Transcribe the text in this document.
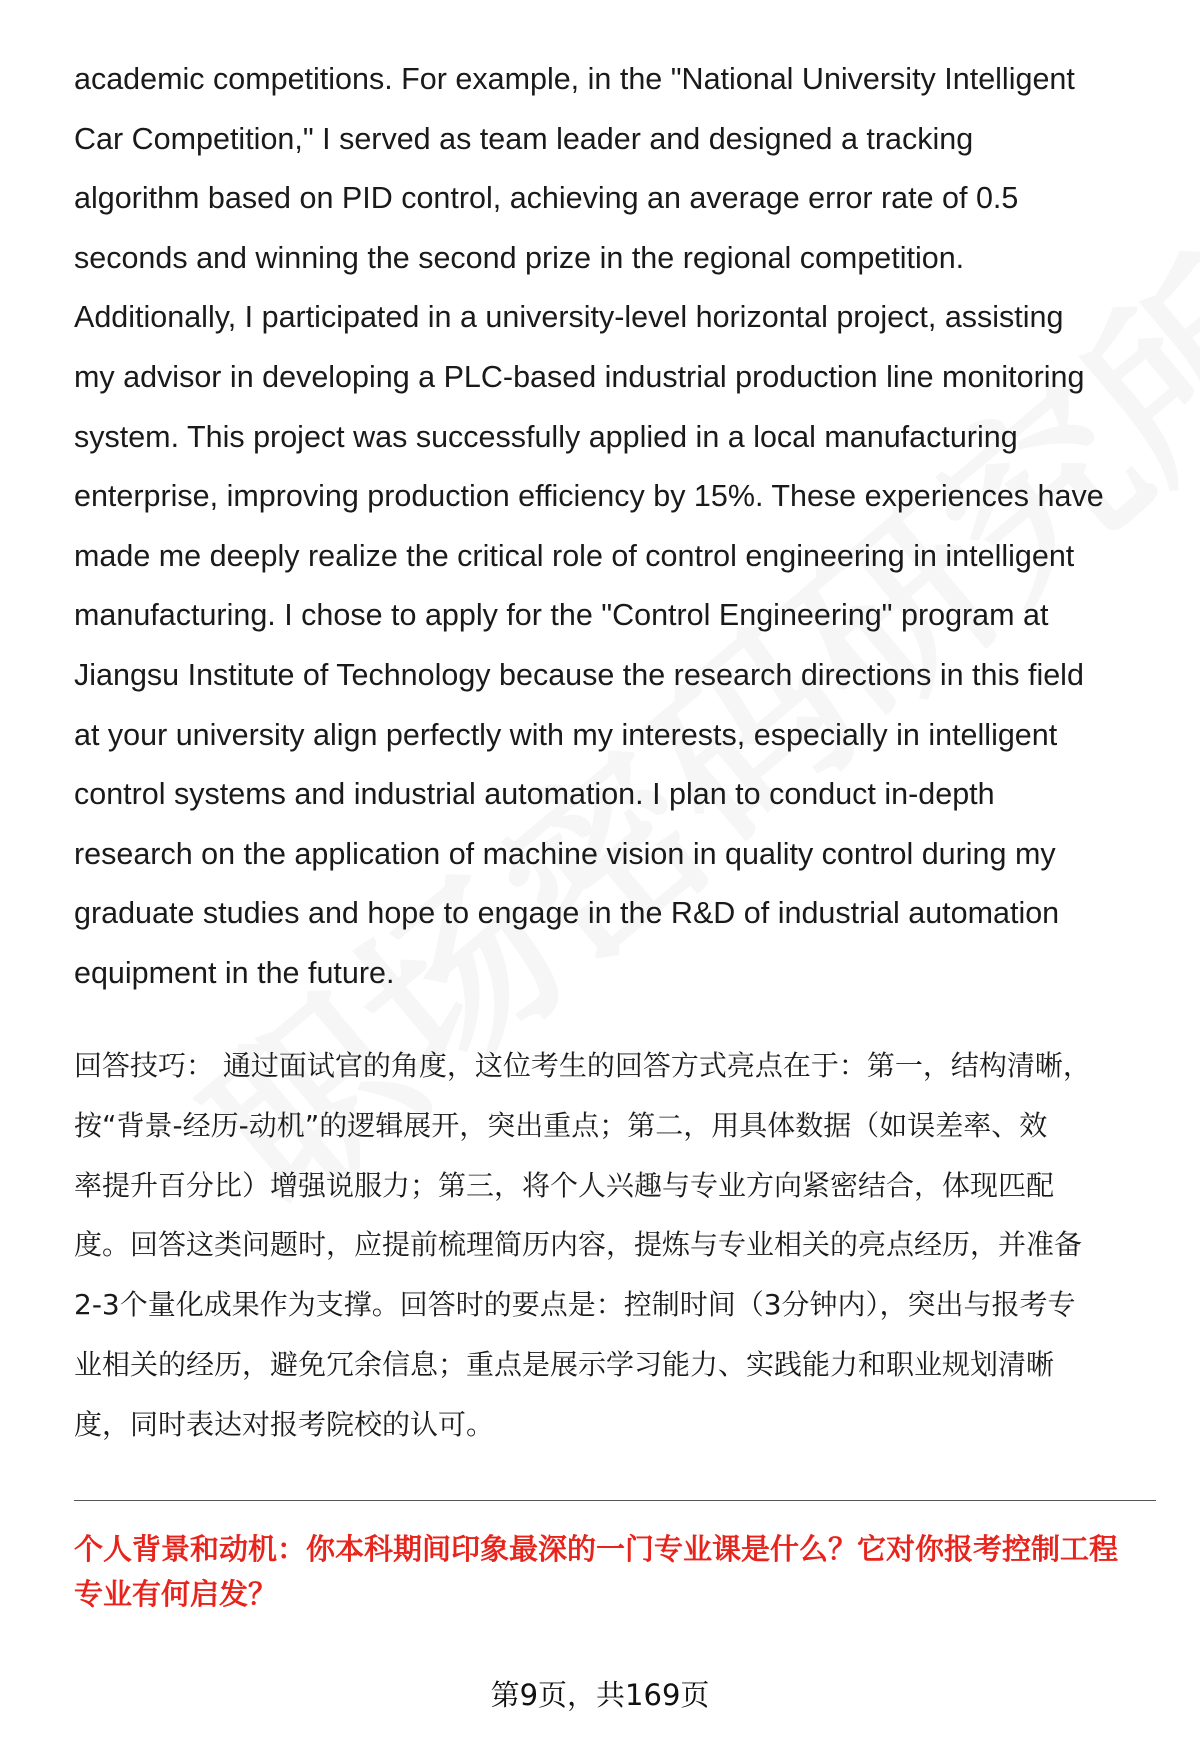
academic competitions. For example, in the "National University Intelligent
Car Competition," I served as team leader and designed a tracking
algorithm based on PID control, achieving an average error rate of 0.5
seconds and winning the second prize in the regional competition.
Additionally, I participated in a university-level horizontal project, assisting
my advisor in developing a PLC-based industrial production line monitoring
system. This project was successfully applied in a local manufacturing
enterprise, improving production efficiency by 15%. These experiences have
made me deeply realize the critical role of control engineering in intelligent
manufacturing. I chose to apply for the "Control Engineering" program at
Jiangsu Institute of Technology because the research directions in this field
at your university align perfectly with my interests, especially in intelligent
control systems and industrial automation. I plan to conduct in-depth
research on the application of machine vision in quality control during my
graduate studies and hope to engage in the R&D of industrial automation
equipment in the future.
回答技巧： 通过面试官的角度，这位考生的回答方式亮点在于：第一，结构清晰，
按“背景-经历-动机”的逻辑展开，突出重点；第二，用具体数据（如误差率、效
率提升百分比）增强说服力；第三，将个人兴趣与专业方向紧密结合，体现匹配
度。回答这类问题时，应提前梳理简历内容，提炼与专业相关的亮点经历，并准备
2-3个量化成果作为支撑。回答时的要点是：控制时间（3分钟内），突出与报考专
业相关的经历，避免冗余信息；重点是展示学习能力、实践能力和职业规划清晰
度，同时表达对报考院校的认可。
个人背景和动机：你本科期间印象最深的一门专业课是什么？它对你报考控制工程
专业有何启发？
第9页，共169页
